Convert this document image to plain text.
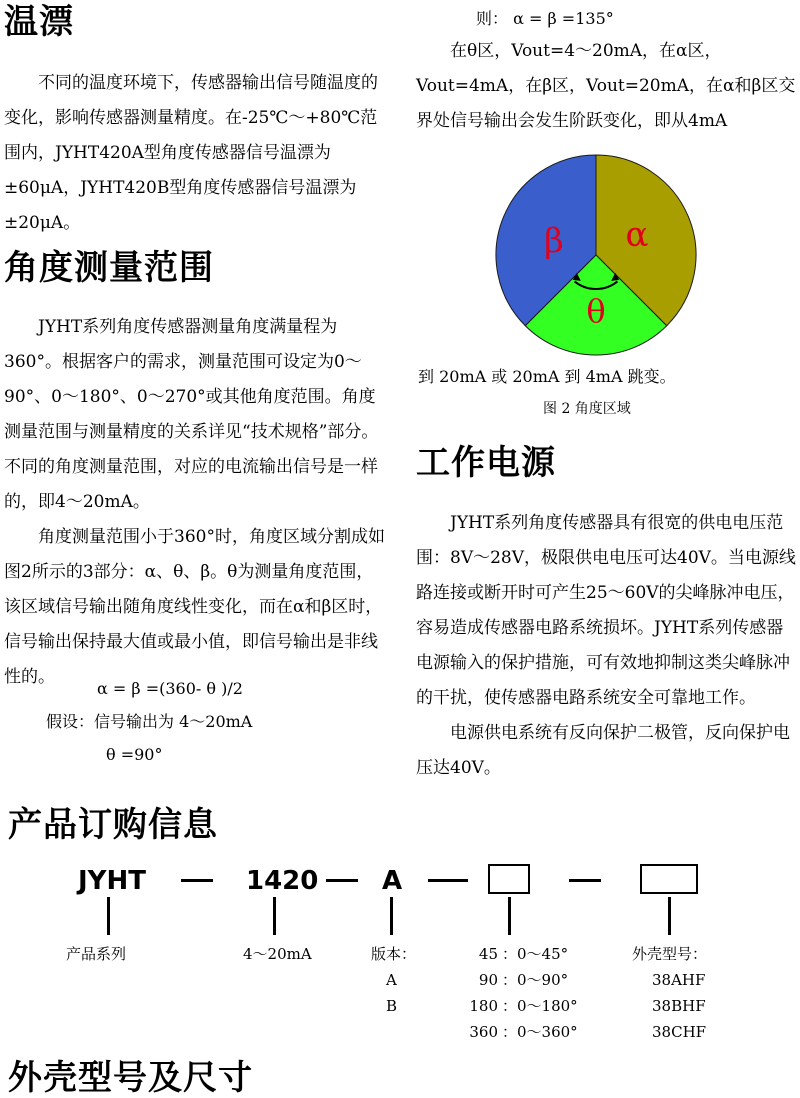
温漂

不同的温度环境下，传感器输出信号随温度的变化，影响传感器测量精度。在-25℃～+80℃范围内，JYHT420A型角度传感器信号温漂为±60μA，JYHT420B型角度传感器信号温漂为±20μA。

角度测量范围

JYHT系列角度传感器测量角度满量程为360°。根据客户的需求，测量范围可设定为0～90°、0～180°、0～270°或其他角度范围。角度测量范围与测量精度的关系详见“技术规格”部分。不同的角度测量范围，对应的电流输出信号是一样的，即4～20mA。

角度测量范围小于360°时，角度区域分割成如图2所示的3部分：α、θ、β。θ为测量角度范围，该区域信号输出随角度线性变化，而在α和β区时，信号输出保持最大值或最小值，即信号输出是非线性的。

α = β =(360- θ )/2
假设：信号输出为 4～20mA
θ =90°
则： α = β =135°

在θ区，Vout=4～20mA，在α区，Vout=4mA，在β区，Vout=20mA，在α和β区交界处信号输出会发生阶跃变化，即从4mA

β α
θ
到 20mA 或 20mA 到 4mA 跳变。
图 2 角度区域
工作电源

JYHT系列角度传感器具有很宽的供电电压范围：8V～28V，极限供电电压可达40V。当电源线路连接或断开时可产生25～60V的尖峰脉冲电压，容易造成传感器电路系统损坏。JYHT系列传感器电源输入的保护措施，可有效地抑制这类尖峰脉冲的干扰，使传感器电路系统安全可靠地工作。

电源供电系统有反向保护二极管，反向保护电压达40V。

产品订购信息
JYHT	1420 A
产品系列	4～20mA	版本：
A
B
45 ：0～45°
90 ：0～90°
180 ：0～180°
360 ：0～360°
外壳型号：
38AHF
38BHF
38CHF
外壳型号及尺寸
